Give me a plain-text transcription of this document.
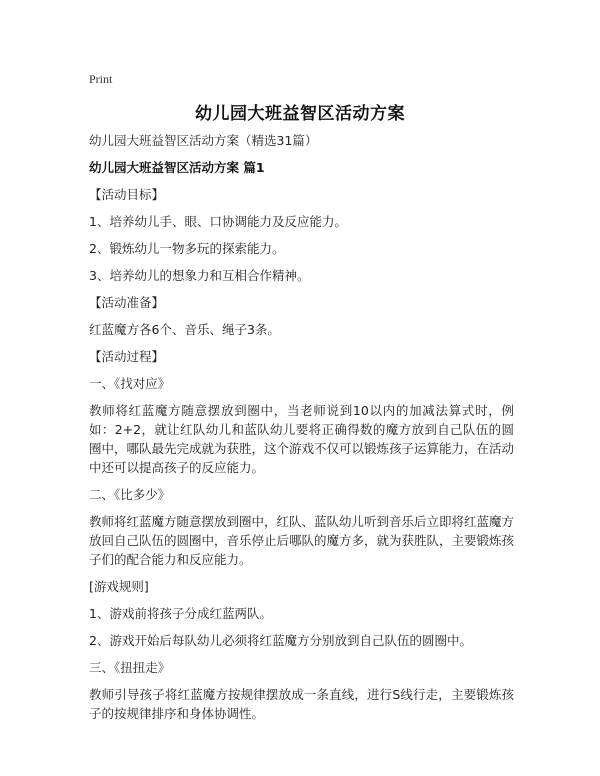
Print
幼儿园大班益智区活动方案
幼儿园大班益智区活动方案（精选31篇）
幼儿园大班益智区活动方案 篇1
【活动目标】
1、培养幼儿手、眼、口协调能力及反应能力。
2、锻炼幼儿一物多玩的探索能力。
3、培养幼儿的想象力和互相合作精神。
【活动准备】
红蓝魔方各6个、音乐、绳子3条。
【活动过程】
一、《找对应》
教师将红蓝魔方随意摆放到圈中，当老师说到10以内的加减法算式时，例如：2+2，就让红队幼儿和蓝队幼儿要将正确得数的魔方放到自己队伍的圆圈中，哪队最先完成就为获胜，这个游戏不仅可以锻炼孩子运算能力，在活动中还可以提高孩子的反应能力。
二、《比多少》
教师将红蓝魔方随意摆放到圈中，红队、蓝队幼儿听到音乐后立即将红蓝魔方放回自己队伍的圆圈中，音乐停止后哪队的魔方多，就为获胜队，主要锻炼孩子们的配合能力和反应能力。
[游戏规则]
1、游戏前将孩子分成红蓝两队。
2、游戏开始后每队幼儿必须将红蓝魔方分别放到自己队伍的圆圈中。
三、《扭扭走》
教师引导孩子将红蓝魔方按规律摆放成一条直线，进行S线行走，主要锻炼孩子的按规律排序和身体协调性。
